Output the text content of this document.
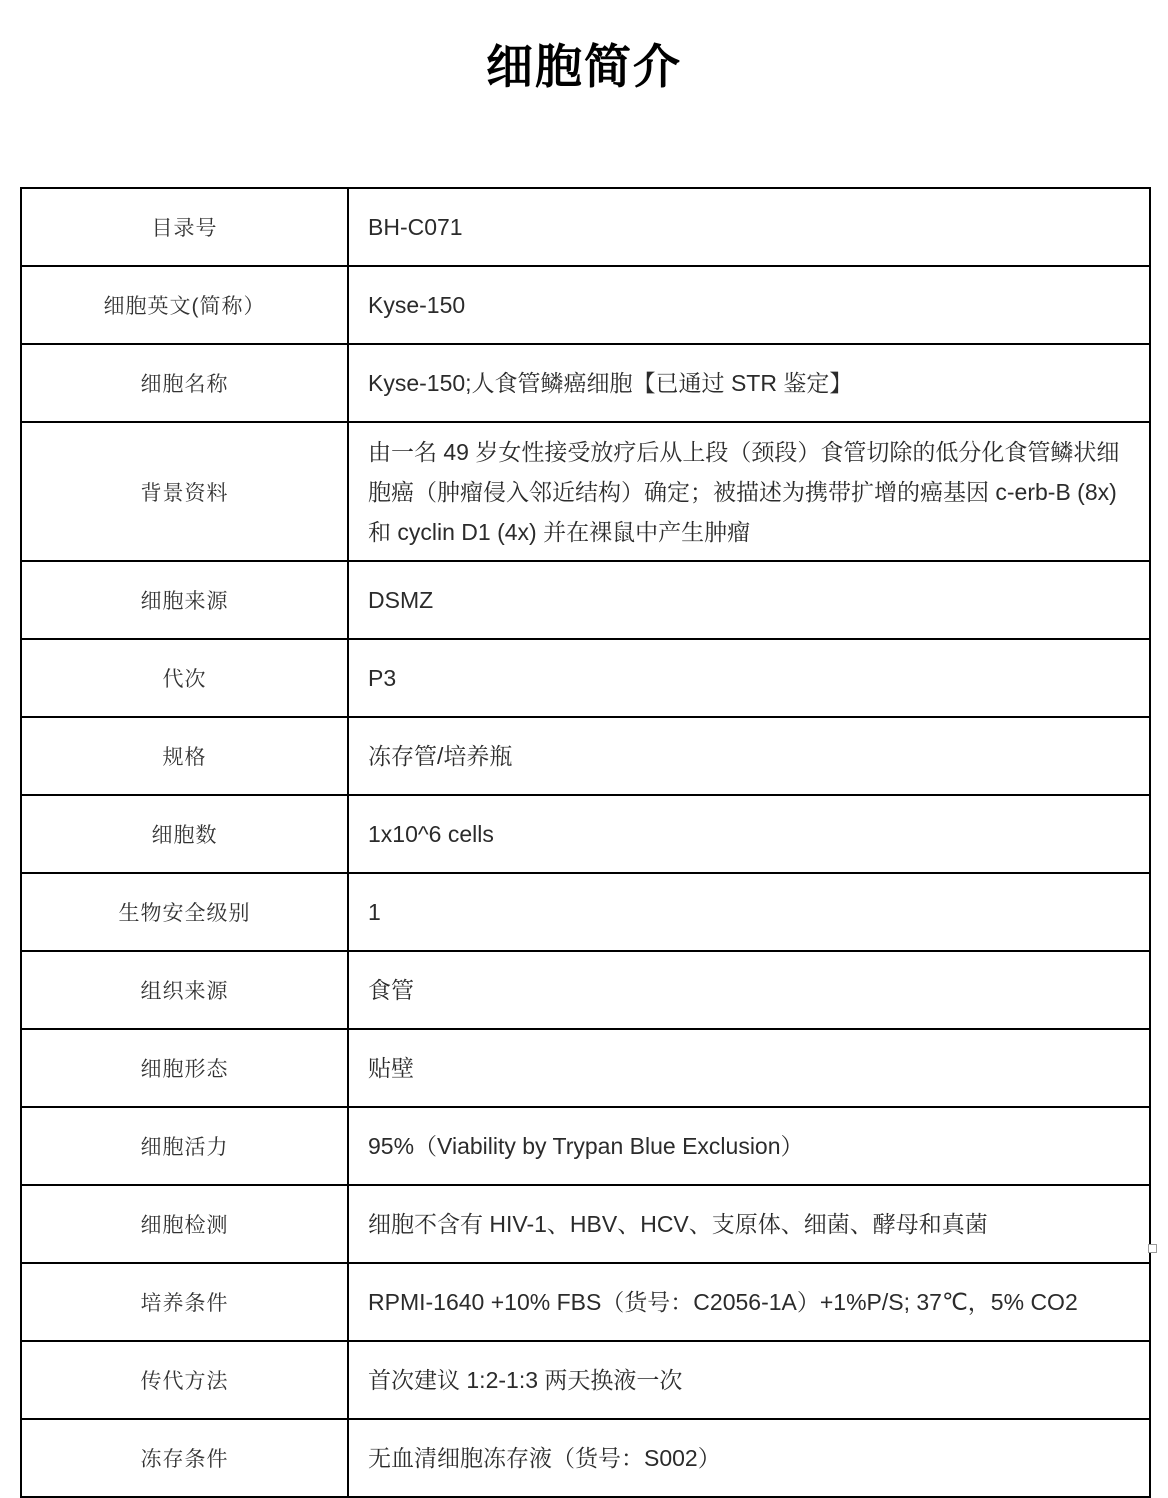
细胞简介
目录号	BH-C071
细胞英文(简称）	Kyse-150
细胞名称	Kyse-150;人食管鳞癌细胞【已通过 STR 鉴定】
背景资料	由一名 49 岁女性接受放疗后从上段（颈段）食管切除的低分化食管鳞状细胞癌（肿瘤侵入邻近结构）确定；被描述为携带扩增的癌基因 c-erb-B (8x) 和 cyclin D1 (4x) 并在裸鼠中产生肿瘤
细胞来源	DSMZ
代次	P3
规格	冻存管/培养瓶
细胞数	1x10^6 cells
生物安全级别	1
组织来源	食管
细胞形态	贴壁
细胞活力	95%（Viability by Trypan Blue Exclusion）
细胞检测	细胞不含有 HIV-1、HBV、HCV、支原体、细菌、酵母和真菌
培养条件	RPMI-1640 +10% FBS（货号：C2056-1A）+1%P/S; 37℃，5% CO2
传代方法	首次建议 1:2-1:3 两天换液一次
冻存条件	无血清细胞冻存液（货号：S002）
